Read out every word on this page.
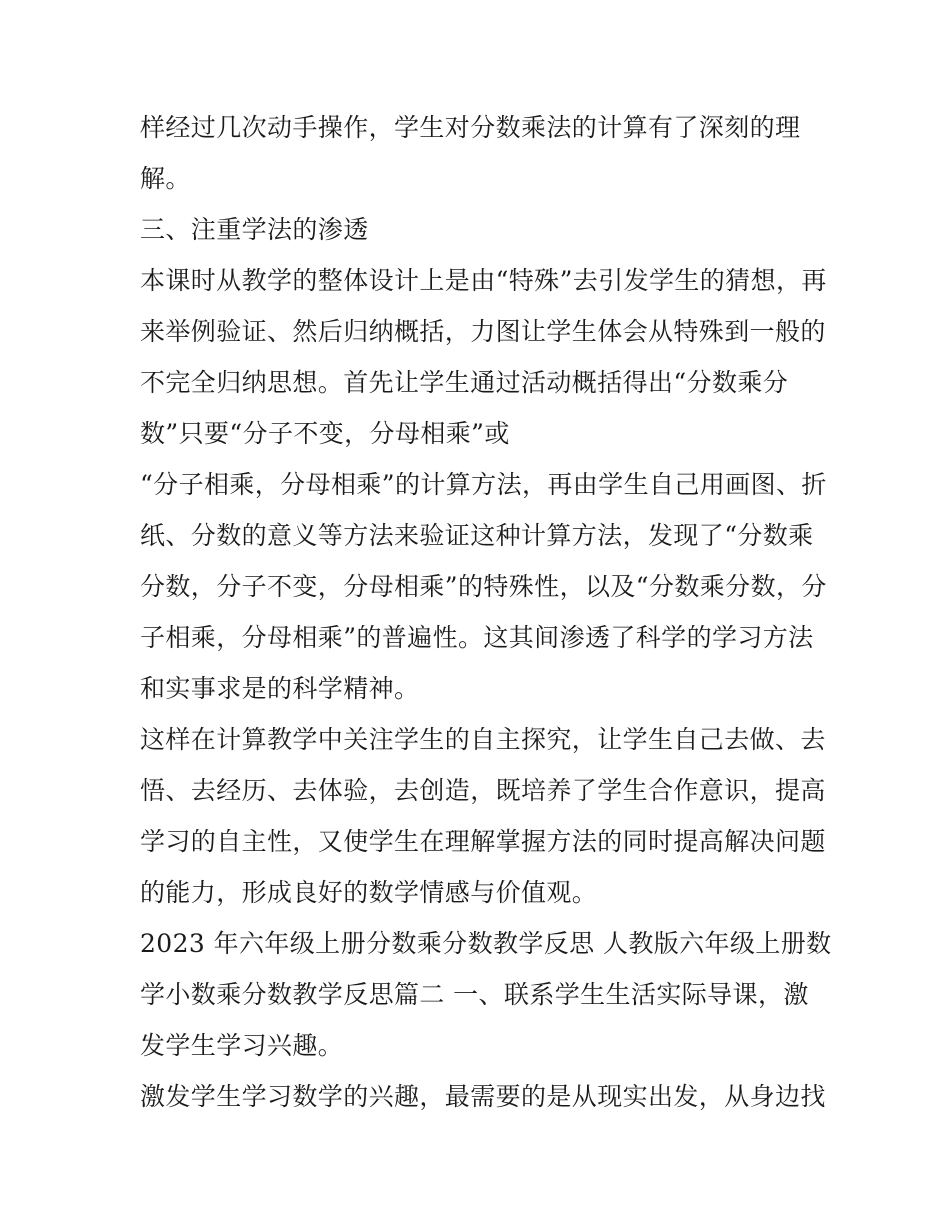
样经过几次动手操作，学生对分数乘法的计算有了深刻的理
解。
三、注重学法的渗透
本课时从教学的整体设计上是由“特殊”去引发学生的猜想，再
来举例验证、然后归纳概括，力图让学生体会从特殊到一般的
不完全归纳思想。首先让学生通过活动概括得出“分数乘分
数”只要“分子不变，分母相乘”或
“分子相乘，分母相乘”的计算方法，再由学生自己用画图、折
纸、分数的意义等方法来验证这种计算方法，发现了“分数乘
分数，分子不变，分母相乘”的特殊性，以及“分数乘分数，分
子相乘，分母相乘”的普遍性。这其间渗透了科学的学习方法
和实事求是的科学精神。
这样在计算教学中关注学生的自主探究，让学生自己去做、去
悟、去经历、去体验，去创造，既培养了学生合作意识，提高
学习的自主性，又使学生在理解掌握方法的同时提高解决问题
的能力，形成良好的数学情感与价值观。
2023 年六年级上册分数乘分数教学反思 人教版六年级上册数
学小数乘分数教学反思篇二 一、联系学生生活实际导课，激
发学生学习兴趣。
激发学生学习数学的兴趣，最需要的是从现实出发，从身边找
